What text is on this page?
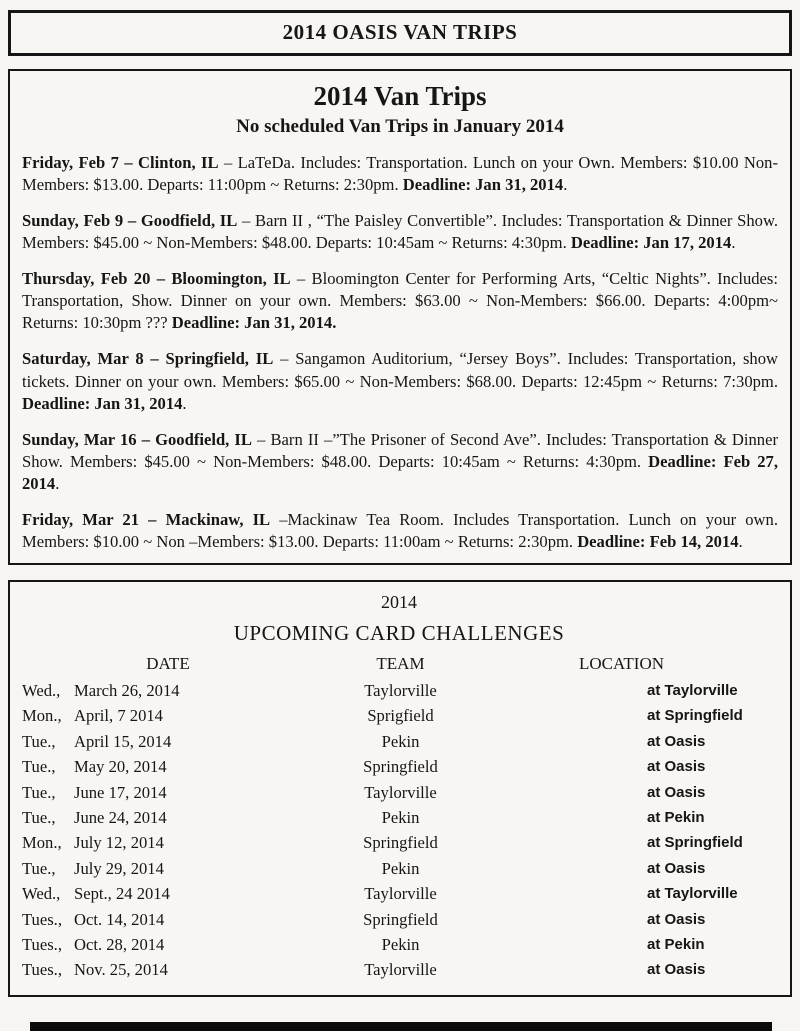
2014 OASIS VAN TRIPS
2014 Van Trips
No scheduled Van Trips in January 2014

Friday, Feb 7 – Clinton, IL – LaTeDa. Includes: Transportation. Lunch on your Own. Members: $10.00 Non-Members: $13.00. Departs: 11:00pm ~ Returns: 2:30pm. Deadline: Jan 31, 2014.

Sunday, Feb 9 – Goodfield, IL – Barn II , “The Paisley Convertible”. Includes: Transportation & Dinner Show. Members: $45.00 ~ Non-Members: $48.00. Departs: 10:45am ~ Returns: 4:30pm. Deadline: Jan 17, 2014.

Thursday, Feb 20 – Bloomington, IL – Bloomington Center for Performing Arts, “Celtic Nights”. Includes: Transportation, Show. Dinner on your own. Members: $63.00 ~ Non-Members: $66.00. Departs: 4:00pm~ Returns: 10:30pm ??? Deadline: Jan 31, 2014.

Saturday, Mar 8 – Springfield, IL – Sangamon Auditorium, “Jersey Boys”. Includes: Transportation, show tickets. Dinner on your own. Members: $65.00 ~ Non-Members: $68.00. Departs: 12:45pm ~ Returns: 7:30pm. Deadline: Jan 31, 2014.

Sunday, Mar 16 – Goodfield, IL – Barn II –”The Prisoner of Second Ave”. Includes: Transportation & Dinner Show. Members: $45.00 ~ Non-Members: $48.00. Departs: 10:45am ~ Returns: 4:30pm. Deadline: Feb 27, 2014.

Friday, Mar 21 – Mackinaw, IL –Mackinaw Tea Room. Includes Transportation. Lunch on your own. Members: $10.00 ~ Non –Members: $13.00. Departs: 11:00am ~ Returns: 2:30pm. Deadline: Feb 14, 2014.

2014
UPCOMING CARD CHALLENGES
DATE	TEAM	LOCATION
Wed., March 26, 2014	Taylorville	at Taylorville
Mon., April, 7 2014	Sprigfield	at Springfield
Tue.,	April 15, 2014	Pekin	at Oasis
Tue.,	May 20, 2014	Springfield	at Oasis
Tue.,	June 17, 2014	Taylorville	at Oasis
Tue.,	June 24, 2014	Pekin	at Pekin
Mon., July 12, 2014	Springfield	at Springfield
Tue.,	July 29, 2014	Pekin	at Oasis
Wed., Sept., 24 2014	Taylorville	at Taylorville
Tues., Oct. 14, 2014	Springfield	at Oasis
Tues., Oct. 28, 2014	Pekin	at Pekin
Tues., Nov. 25, 2014	Taylorville	at Oasis
